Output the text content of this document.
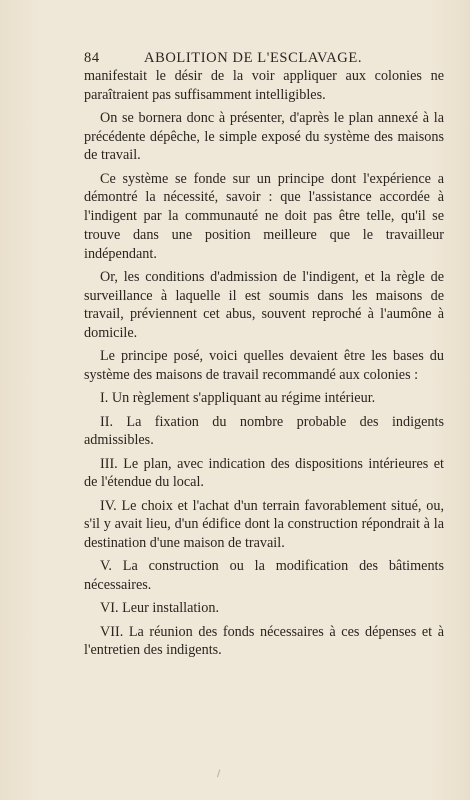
84	ABOLITION DE L'ESCLAVAGE.

manifestait le désir de la voir appliquer aux colonies ne paraîtraient pas suffisamment intelligibles.

On se bornera donc à présenter, d'après le plan annexé à la précédente dépêche, le simple exposé du système des maisons de travail.

Ce système se fonde sur un principe dont l'expérience a démontré la nécessité, savoir : que l'assistance accordée à l'indigent par la communauté ne doit pas être telle, qu'il se trouve dans une position meilleure que le travailleur indépendant.

Or, les conditions d'admission de l'indigent, et la règle de surveillance à laquelle il est soumis dans les maisons de travail, préviennent cet abus, souvent reproché à l'aumône à domicile.

Le principe posé, voici quelles devaient être les bases du système des maisons de travail recommandé aux colonies :

I. Un règlement s'appliquant au régime intérieur.

II. La fixation du nombre probable des indigents admissibles.

III. Le plan, avec indication des dispositions intérieures et de l'étendue du local.

IV. Le choix et l'achat d'un terrain favorablement situé, ou, s'il y avait lieu, d'un édifice dont la construction répondrait à la destination d'une maison de travail.

V. La construction ou la modification des bâtiments nécessaires.

VI. Leur installation.

VII. La réunion des fonds nécessaires à ces dépenses et à l'entretien des indigents.
